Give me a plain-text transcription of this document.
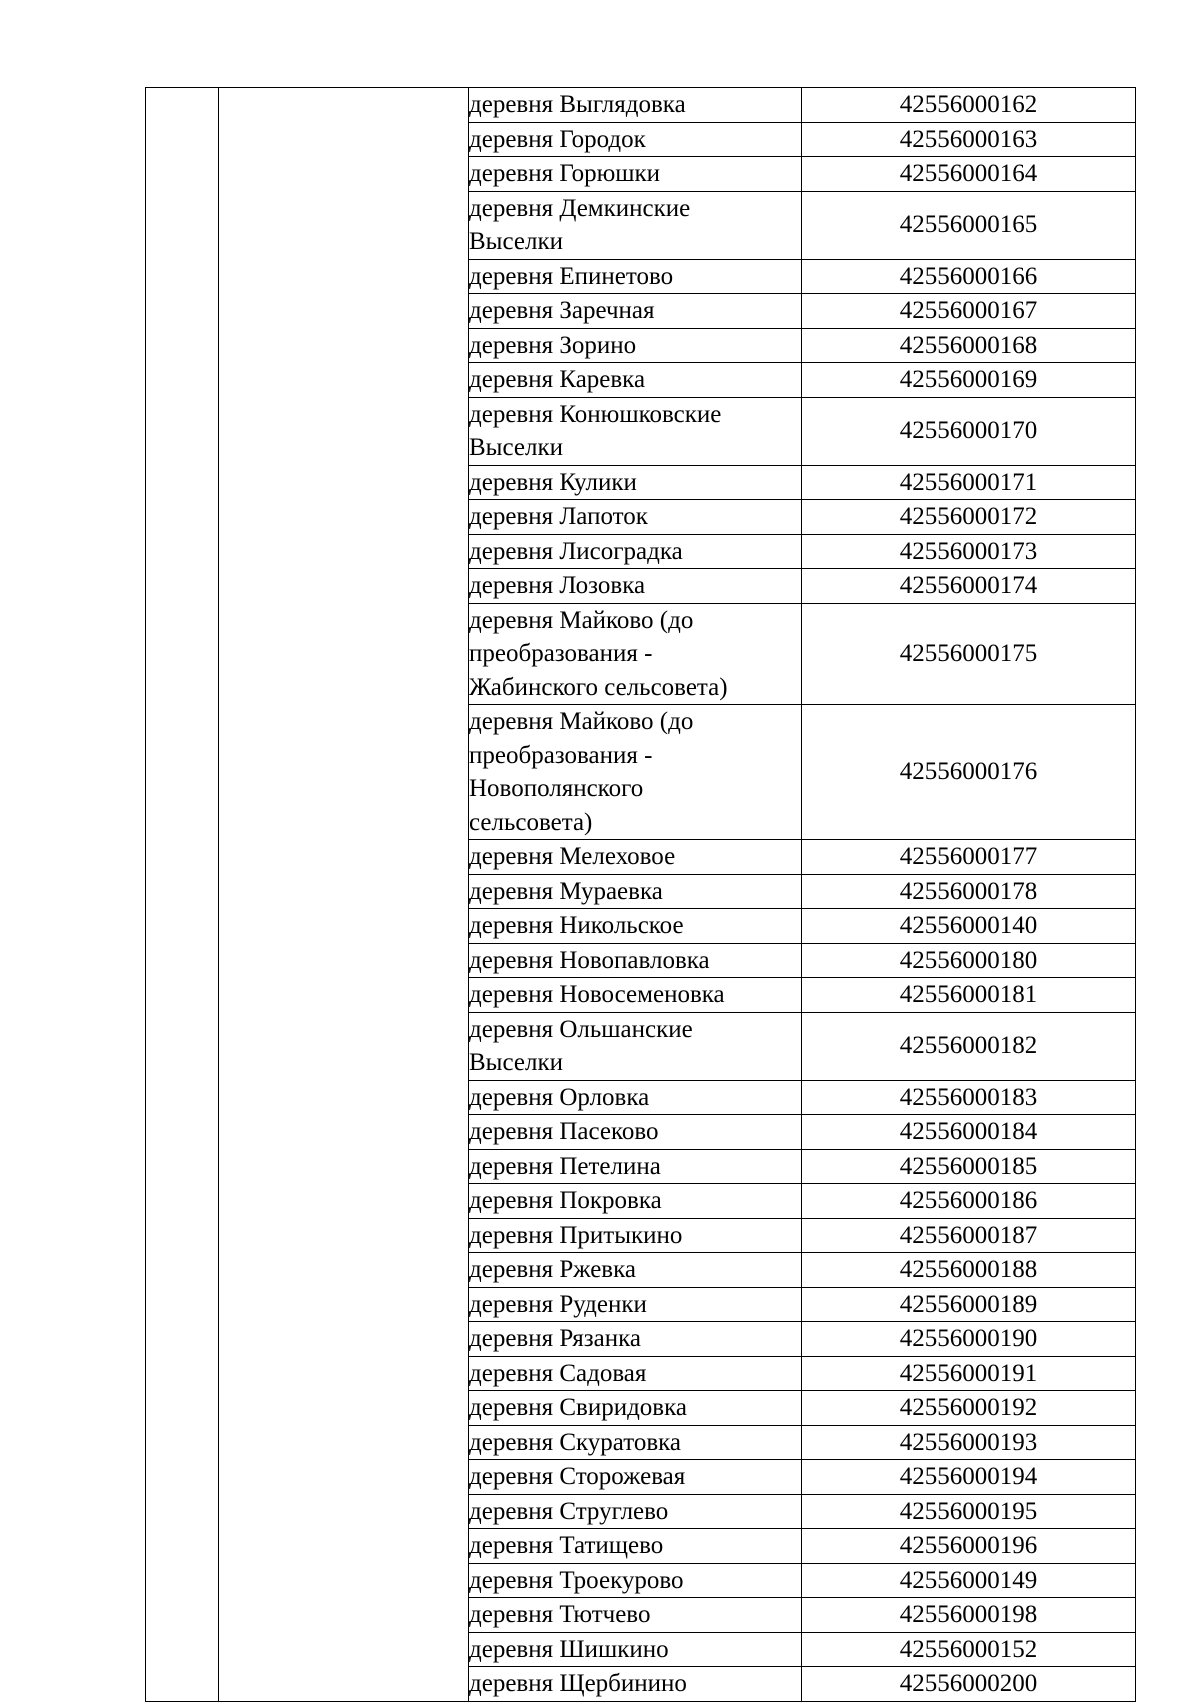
		деревня Выглядовка	42556000162

		деревня Городок	42556000163

		деревня Горюшки	42556000164

		деревня Демкинские
Выселки	42556000165

		деревня Епинетово	42556000166

		деревня Заречная	42556000167

		деревня Зорино	42556000168

		деревня Каревка	42556000169

		деревня Конюшковские
Выселки	42556000170

		деревня Кулики	42556000171

		деревня Лапоток	42556000172

		деревня Лисоградка	42556000173

		деревня Лозовка	42556000174

		деревня Майково (до
преобразования -
Жабинского сельсовета)	42556000175

		деревня Майково (до
преобразования -
Новополянского
сельсовета)	42556000176

		деревня Мелеховое	42556000177

		деревня Мураевка	42556000178

		деревня Никольское	42556000140

		деревня Новопавловка	42556000180

		деревня Новосеменовка	42556000181

		деревня Ольшанские
Выселки	42556000182

		деревня Орловка	42556000183

		деревня Пасеково	42556000184

		деревня Петелина	42556000185

		деревня Покровка	42556000186

		деревня Притыкино	42556000187

		деревня Ржевка	42556000188

		деревня Руденки	42556000189

		деревня Рязанка	42556000190

		деревня Садовая	42556000191

		деревня Свиридовка	42556000192

		деревня Скуратовка	42556000193

		деревня Сторожевая	42556000194

		деревня Струглево	42556000195

		деревня Татищево	42556000196

		деревня Троекурово	42556000149

		деревня Тютчево	42556000198

		деревня Шишкино	42556000152

		деревня Щербинино	42556000200
